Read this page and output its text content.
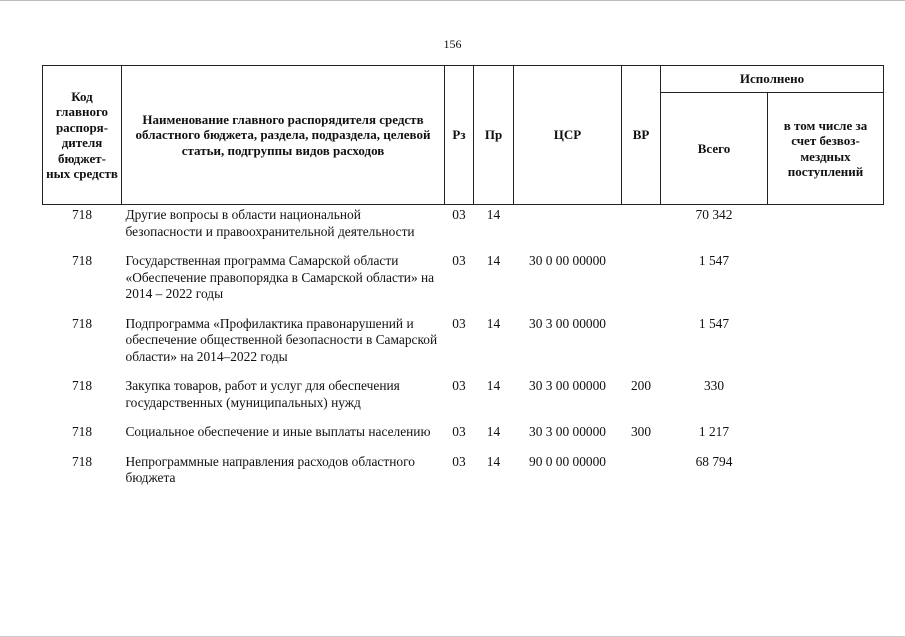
156
Код главного распоря-дителя бюджет-ных средств	Наименование главного распорядителя средств областного бюджета, раздела, подраздела, целевой статьи, подгруппы видов расходов	Рз	Пр	ЦСР	ВР	Исполнено	
						Всего	в том числе за счет безвоз-мездных поступлений
718	Другие вопросы в области национальной безопасности и правоохранительной деятельности	03	14			70 342	
718	Государственная программа Самарской области «Обеспечение правопорядка в Самарской области» на 2014 – 2022 годы	03	14	30 0 00 00000		1 547	
718	Подпрограмма «Профилактика правонарушений и обеспечение общественной безопасности в Самарской области» на 2014–2022 годы	03	14	30 3 00 00000		1 547	
718	Закупка товаров, работ и услуг для обеспечения государственных (муниципальных) нужд	03	14	30 3 00 00000	200	330	
718	Социальное обеспечение и иные выплаты населению	03	14	30 3 00 00000	300	1 217	
718	Непрограммные направления расходов областного бюджета	03	14	90 0 00 00000		68 794	
